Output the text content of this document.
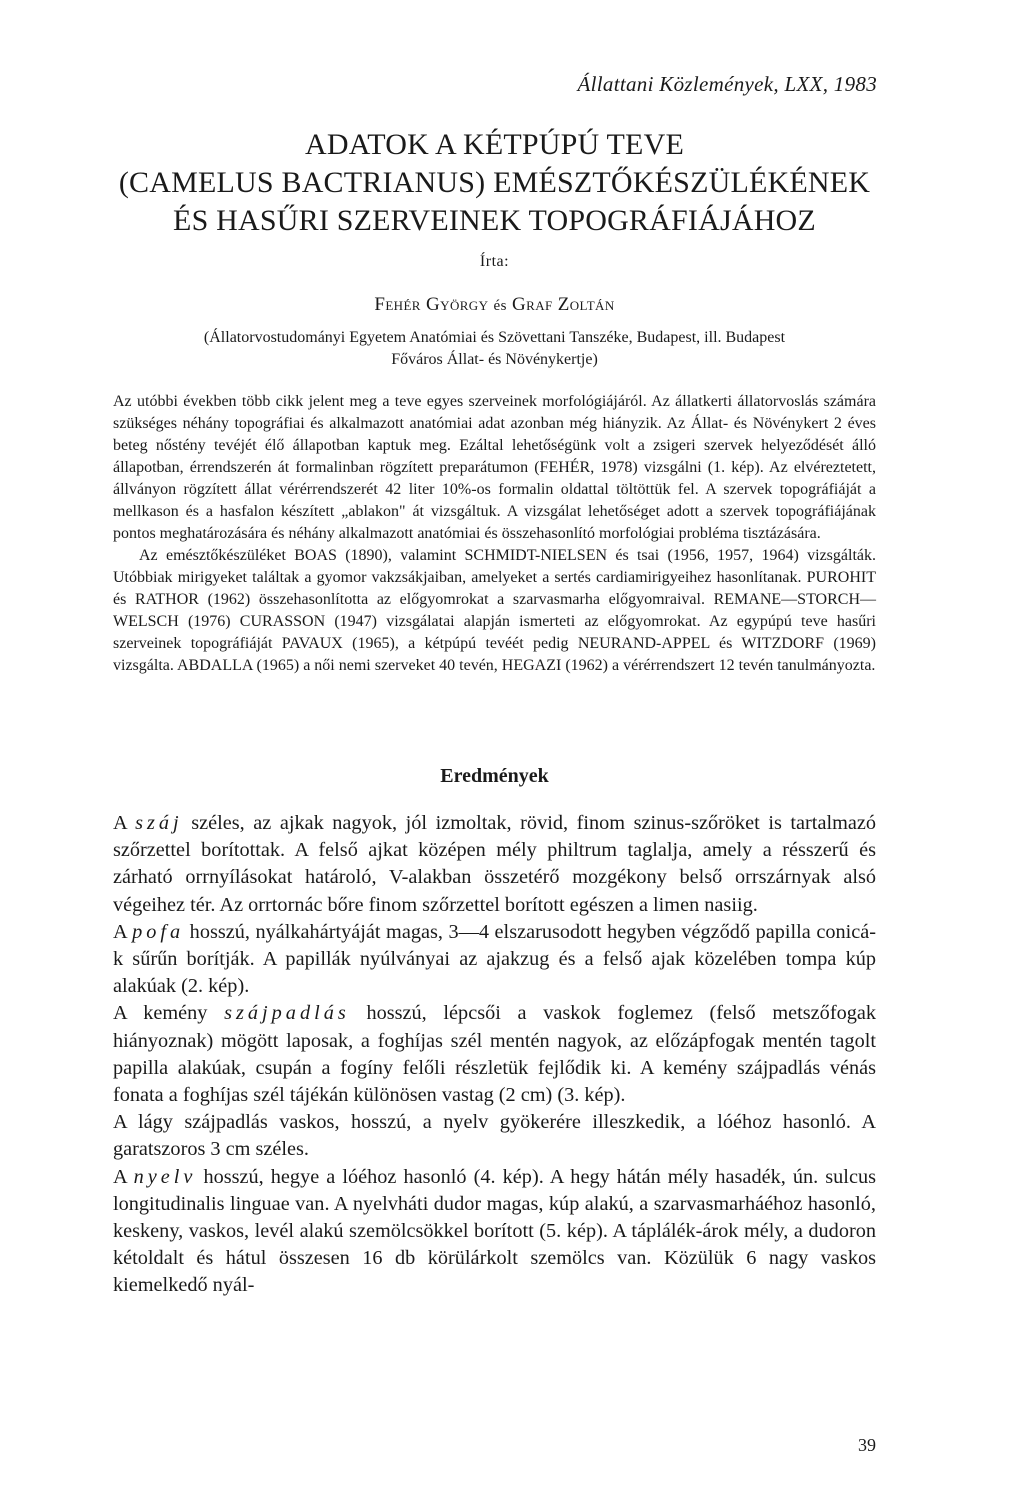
Állattani Közlemények, LXX, 1983
ADATOK A KÉTPÚPÚ TEVE
(CAMELUS BACTRIANUS) EMÉSZTŐKÉSZÜLÉKÉNEK
ÉS HASŰRI SZERVEINEK TOPOGRÁFIÁJÁHOZ
Írta:
Fehér György és Graf Zoltán
(Állatorvostudományi Egyetem Anatómiai és Szövettani Tanszéke, Budapest, ill. Budapest
Főváros Állat- és Növénykertje)

Az utóbbi években több cikk jelent meg a teve egyes szerveinek morfológiájáról. Az állatkerti állatorvoslás számára szükséges néhány topográfiai és alkalmazott anatómiai adat azonban még hiányzik. Az Állat- és Növénykert 2 éves beteg nőstény tevéjét élő állapotban kaptuk meg. Ezáltal lehetőségünk volt a zsigeri szervek helyeződését álló állapotban, érrendszerén át formalinban rögzített preparátumon (FEHÉR, 1978) vizsgálni (1. kép). Az elvéreztetett, állványon rögzített állat vérérrendszerét 42 liter 10%-os formalin oldattal töltöttük fel. A szervek topográfiáját a mellkason és a hasfalon készített „ablakon" át vizsgáltuk. A vizsgálat lehetőséget adott a szervek topográfiájának pontos meghatározására és néhány alkalmazott anatómiai és összehasonlító morfológiai probléma tisztázására.

Az emésztőkészüléket BOAS (1890), valamint SCHMIDT-NIELSEN és tsai (1956, 1957, 1964) vizsgálták. Utóbbiak mirigyeket találtak a gyomor vakzsákjaiban, amelyeket a sertés cardiamirigyeihez hasonlítanak. PUROHIT és RATHOR (1962) összehasonlította az előgyomrokat a szarvasmarha előgyomraival. REMANE—STORCH—WELSCH (1976) CURASSON (1947) vizsgálatai alapján ismerteti az előgyomrokat. Az egypúpú teve hasűri szerveinek topográfiáját PAVAUX (1965), a kétpúpú tevéét pedig NEURAND-APPEL és WITZDORF (1969) vizsgálta. ABDALLA (1965) a női nemi szerveket 40 tevén, HEGAZI (1962) a vérérrendszert 12 tevén tanulmányozta.

Eredmények

A száj széles, az ajkak nagyok, jól izmoltak, rövid, finom szinus-szőröket is tartalmazó szőrzettel borítottak. A felső ajkat középen mély philtrum taglalja, amely a résszerű és zárható orrnyílásokat határoló, V-alakban összetérő mozgékony belső orrszárnyak alsó végeihez tér. Az orrtornác bőre finom szőrzettel borított egészen a limen nasiig.

A pofa hosszú, nyálkahártyáját magas, 3—4 elszarusodott hegyben végződő papilla conicá-k sűrűn borítják. A papillák nyúlványai az ajakzug és a felső ajak közelében tompa kúp alakúak (2. kép).

A kemény szájpadlás hosszú, lépcsői a vaskok foglemez (felső metszőfogak hiányoznak) mögött laposak, a foghíjas szél mentén nagyok, az előzápfogak mentén tagolt papilla alakúak, csupán a fogíny felőli részletük fejlődik ki. A kemény szájpadlás vénás fonata a foghíjas szél tájékán különösen vastag (2 cm) (3. kép).

A lágy szájpadlás vaskos, hosszú, a nyelv gyökerére illeszkedik, a lóéhoz hasonló. A garatszoros 3 cm széles.

A nyelv hosszú, hegye a lóéhoz hasonló (4. kép). A hegy hátán mély hasadék, ún. sulcus longitudinalis linguae van. A nyelvháti dudor magas, kúp alakú, a szarvasmarháéhoz hasonló, keskeny, vaskos, levél alakú szemölcsökkel borított (5. kép). A táplálék-árok mély, a dudoron kétoldalt és hátul összesen 16 db körülárkolt szemölcs van. Közülük 6 nagy vaskos kiemelkedő nyál-

39
